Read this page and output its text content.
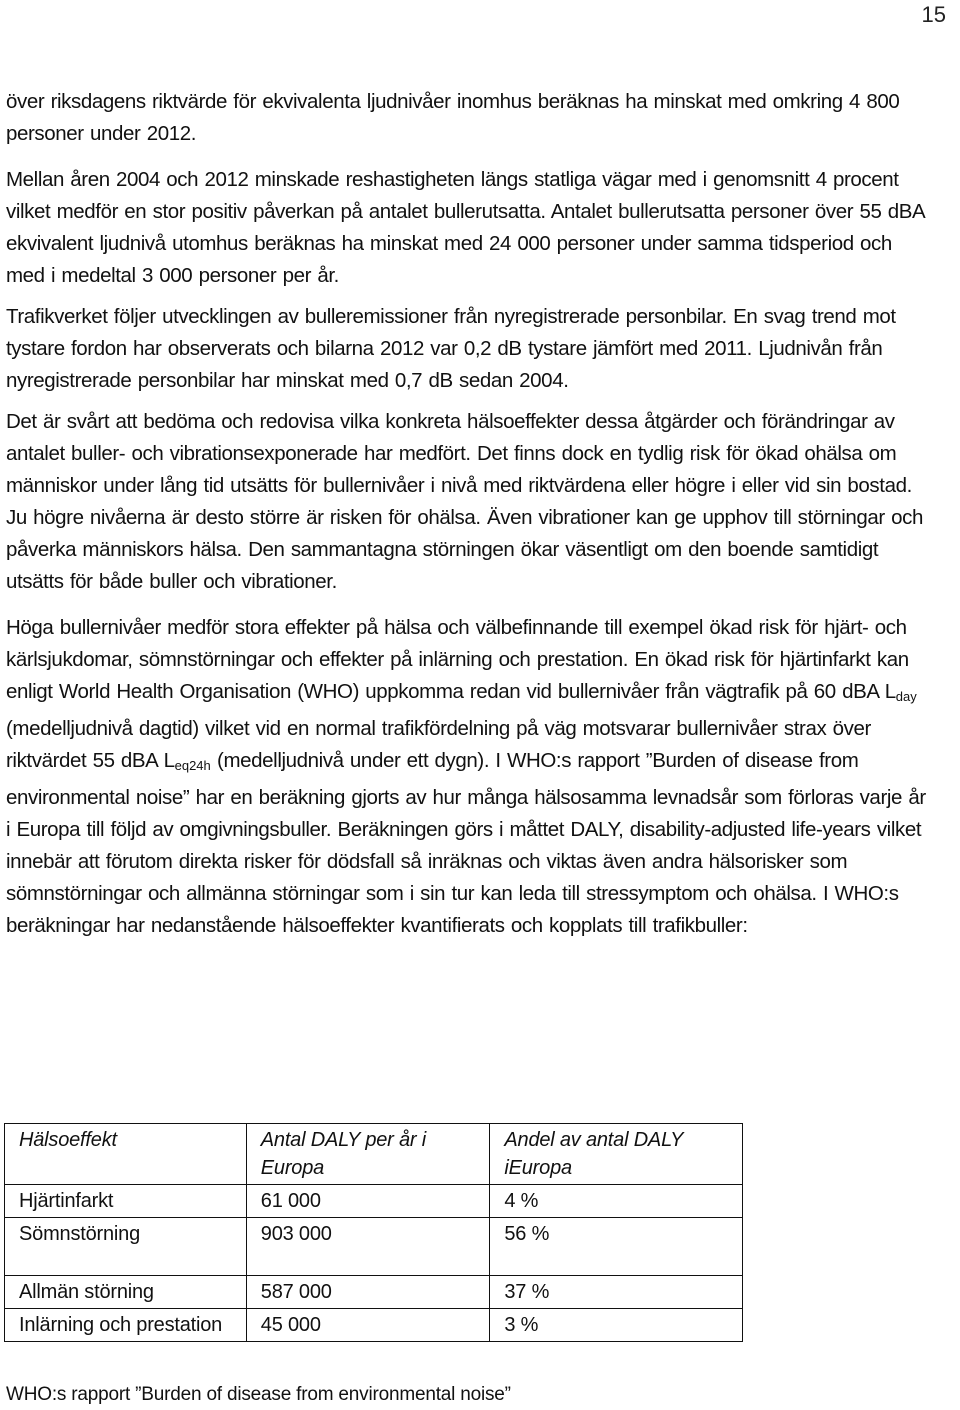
15

över riksdagens riktvärde för ekvivalenta ljudnivåer inomhus beräknas ha minskat med omkring 4 800 personer under 2012.

Mellan åren 2004 och 2012 minskade reshastigheten längs statliga vägar med i genomsnitt 4 procent vilket medför en stor positiv påverkan på antalet bullerutsatta. Antalet bullerutsatta personer över 55 dBA ekvivalent ljudnivå utomhus beräknas ha minskat med 24 000 personer under samma tidsperiod och med i medeltal 3 000 personer per år.

Trafikverket följer utvecklingen av bulleremissioner från nyregistrerade personbilar. En svag trend mot tystare fordon har observerats och bilarna 2012 var 0,2 dB tystare jämfört med 2011. Ljudnivån från nyregistrerade personbilar har minskat med 0,7 dB sedan 2004.

Det är svårt att bedöma och redovisa vilka konkreta hälsoeffekter dessa åtgärder och förändringar av antalet buller- och vibrationsexponerade har medfört. Det finns dock en tydlig risk för ökad ohälsa om människor under lång tid utsätts för bullernivåer i nivå med riktvärdena eller högre i eller vid sin bostad. Ju högre nivåerna är desto större är risken för ohälsa. Även vibrationer kan ge upphov till störningar och påverka människors hälsa. Den sammantagna störningen ökar väsentligt om den boende samtidigt utsätts för både buller och vibrationer.

Höga bullernivåer medför stora effekter på hälsa och välbefinnande till exempel ökad risk för hjärt- och kärlsjukdomar, sömnstörningar och effekter på inlärning och prestation. En ökad risk för hjärtinfarkt kan enligt World Health Organisation (WHO) uppkomma redan vid bullernivåer från vägtrafik på 60 dBA $L_{day}$ (medelljudnivå dagtid) vilket vid en normal trafikfördelning på väg motsvarar bullernivåer strax över riktvärdet 55 dBA $L_{eq24h}$ (medelljudnivå under ett dygn). I WHO:s rapport ”Burden of disease from environmental noise” har en beräkning gjorts av hur många hälsosamma levnadsår som förloras varje år i Europa till följd av omgivningsbuller. Beräkningen görs i måttet DALY, disability-adjusted life-years vilket innebär att förutom direkta risker för dödsfall så inräknas och viktas även andra hälsorisker som sömnstörningar och allmänna störningar som i sin tur kan leda till stressymptom och ohälsa. I WHO:s beräkningar har nedanstående hälsoeffekter kvantifierats och kopplats till trafikbuller:

Hälsoeffekt	Antal DALY per år i Europa	Andel av antal DALY iEuropa
Hjärtinfarkt	61 000	4 %
Sömnstörning	903 000	56 %
Allmän störning	587 000	37 %
Inlärning och prestation	45 000	3 %
WHO:s rapport ”Burden of disease from environmental noise”
